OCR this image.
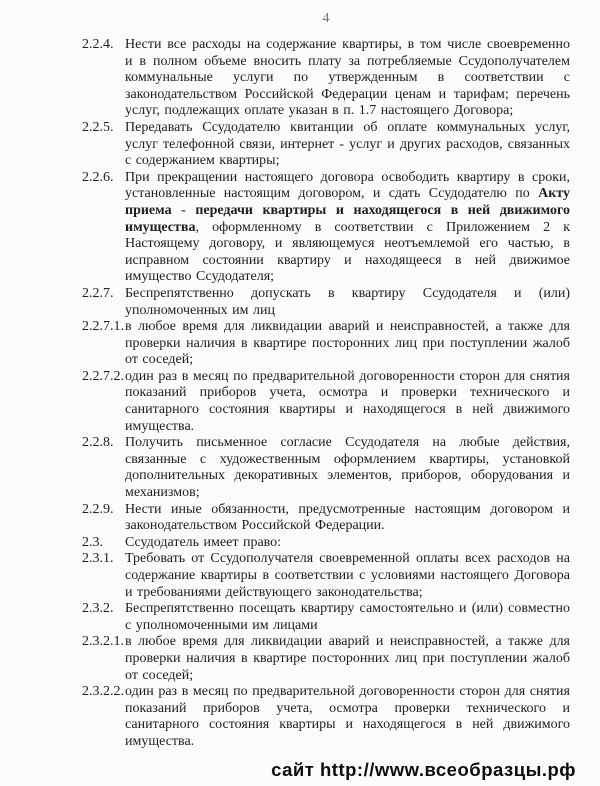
4

2.2.4. Нести все расходы на содержание квартиры, в том числе своевременно и в полном объеме вносить плату за потребляемые Ссудополучателем коммунальные услуги по утвержденным в соответствии с законодательством Российской Федерации ценам и тарифам; перечень услуг, подлежащих оплате указан в п. 1.7 настоящего Договора;

2.2.5. Передавать Ссудодателю квитанции об оплате коммунальных услуг, услуг телефонной связи, интернет - услуг и других расходов, связанных с содержанием квартиры;

2.2.6. При прекращении настоящего договора освободить квартиру в сроки, установленные настоящим договором, и сдать Ссудодателю по Акту приема - передачи квартиры и находящегося в ней движимого имущества, оформленному в соответствии с Приложением 2 к Настоящему договору, и являющемуся неотъемлемой его частью, в исправном состоянии квартиру и находящееся в ней движимое имущество Ссудодателя;

2.2.7. Беспрепятственно допускать в квартиру Ссудодателя и (или) уполномоченных им лиц

2.2.7.1.в любое время для ликвидации аварий и неисправностей, а также для проверки наличия в квартире посторонних лиц при поступлении жалоб от соседей;

2.2.7.2.один раз в месяц по предварительной договоренности сторон для снятия показаний приборов учета, осмотра и проверки технического и санитарного состояния квартиры и находящегося в ней движимого имущества.

2.2.8. Получить письменное согласие Ссудодателя на любые действия, связанные с художественным оформлением квартиры, установкой дополнительных декоративных элементов, приборов, оборудования и механизмов;

2.2.9. Нести иные обязанности, предусмотренные настоящим договором и законодательством Российской Федерации.

2.3. Ссудодатель имеет право:

2.3.1. Требовать от Ссудополучателя своевременной оплаты всех расходов на содержание квартиры в соответствии с условиями настоящего Договора и требованиями действующего законодательства;

2.3.2. Беспрепятственно посещать квартиру самостоятельно и (или) совместно с уполномоченными им лицами

2.3.2.1.в любое время для ликвидации аварий и неисправностей, а также для проверки наличия в квартире посторонних лиц при поступлении жалоб от соседей;

2.3.2.2.один раз в месяц по предварительной договоренности сторон для снятия показаний приборов учета, осмотра проверки технического и санитарного состояния квартиры и находящегося в ней движимого имущества.

сайт http://www.всеобразцы.рф
